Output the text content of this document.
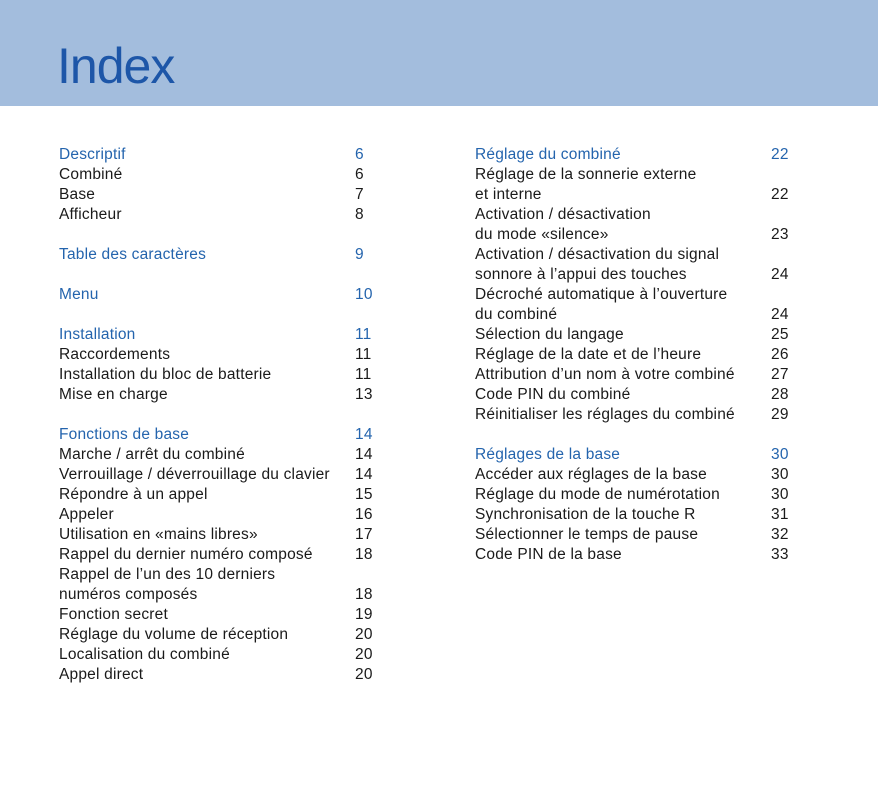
Index
Descriptif	6
Combiné	6
Base	7
Afficheur	8
Table des caractères	9
Menu	10
Installation	11
Raccordements	11
Installation du bloc de batterie	11
Mise en charge	13
Fonctions de base	14
Marche / arrêt du combiné	14
Verrouillage / déverrouillage du clavier 14
Répondre à un appel	15
Appeler	16
Utilisation en «mains libres»	17
Rappel du dernier numéro composé	18
Rappel de l’un des 10 derniers
numéros composés	18
Fonction secret	19
Réglage du volume de réception	20
Localisation du combiné	20
Appel direct	20
Réglage du combiné	22
Réglage de la sonnerie externe
et interne	22
Activation / désactivation
du mode «silence»	23
Activation / désactivation du signal
sonnore à l’appui des touches	24
Décroché automatique à l’ouverture
du combiné	24
Sélection du langage	25
Réglage de la date et de l’heure	26
Attribution d’un nom à votre combiné 27
Code PIN du combiné	28
Réinitialiser les réglages du combiné 29
Réglages de la base	30
Accéder aux réglages de la base	30
Réglage du mode de numérotation	30
Synchronisation de la touche R	31
Sélectionner le temps de pause	32
Code PIN de la base	33
